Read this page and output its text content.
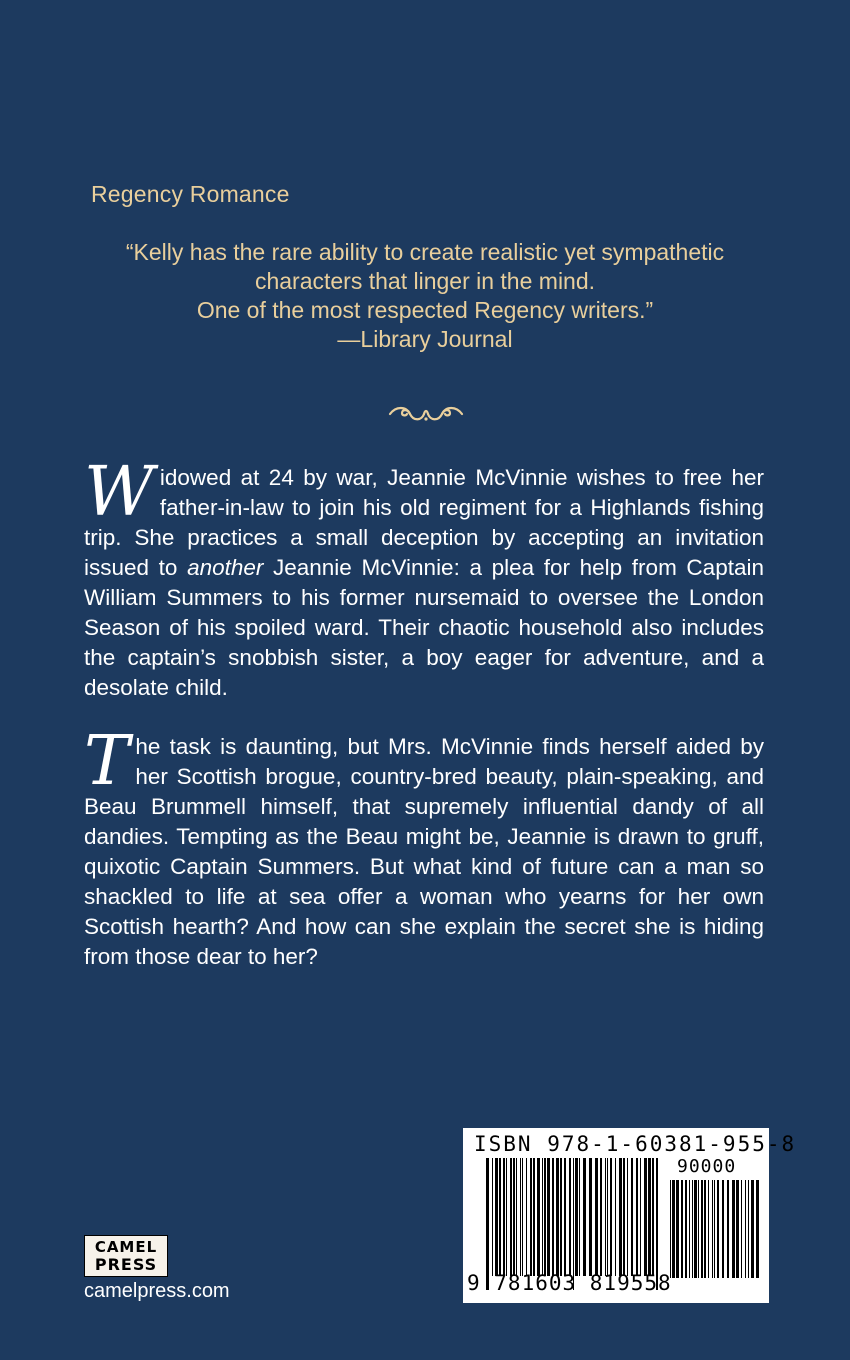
Regency Romance
“Kelly has the rare ability to create realistic yet sympathetic
characters that linger in the mind.
One of the most respected Regency writers.”
—Library Journal

Widowed at 24 by war, Jeannie McVinnie wishes to free her father-in-law to join his old regiment for a Highlands fishing trip. She practices a small deception by accepting an invitation issued to another Jeannie McVinnie: a plea for help from Captain William Summers to his former nursemaid to oversee the London Season of his spoiled ward. Their chaotic household also includes the captain’s snobbish sister, a boy eager for adventure, and a desolate child.

The task is daunting, but Mrs. McVinnie finds herself aided by her Scottish brogue, country-bred beauty, plain-speaking, and Beau Brummell himself, that supremely influential dandy of all dandies. Tempting as the Beau might be, Jeannie is drawn to gruff, quixotic Captain Summers. But what kind of future can a man so shackled to life at sea offer a woman who yearns for her own Scottish hearth? And how can she explain the secret she is hiding from those dear to her?

CAMEL
PRESS
camelpress.com
ISBN 978-1-60381-955-8
90000
9 781603 819558
